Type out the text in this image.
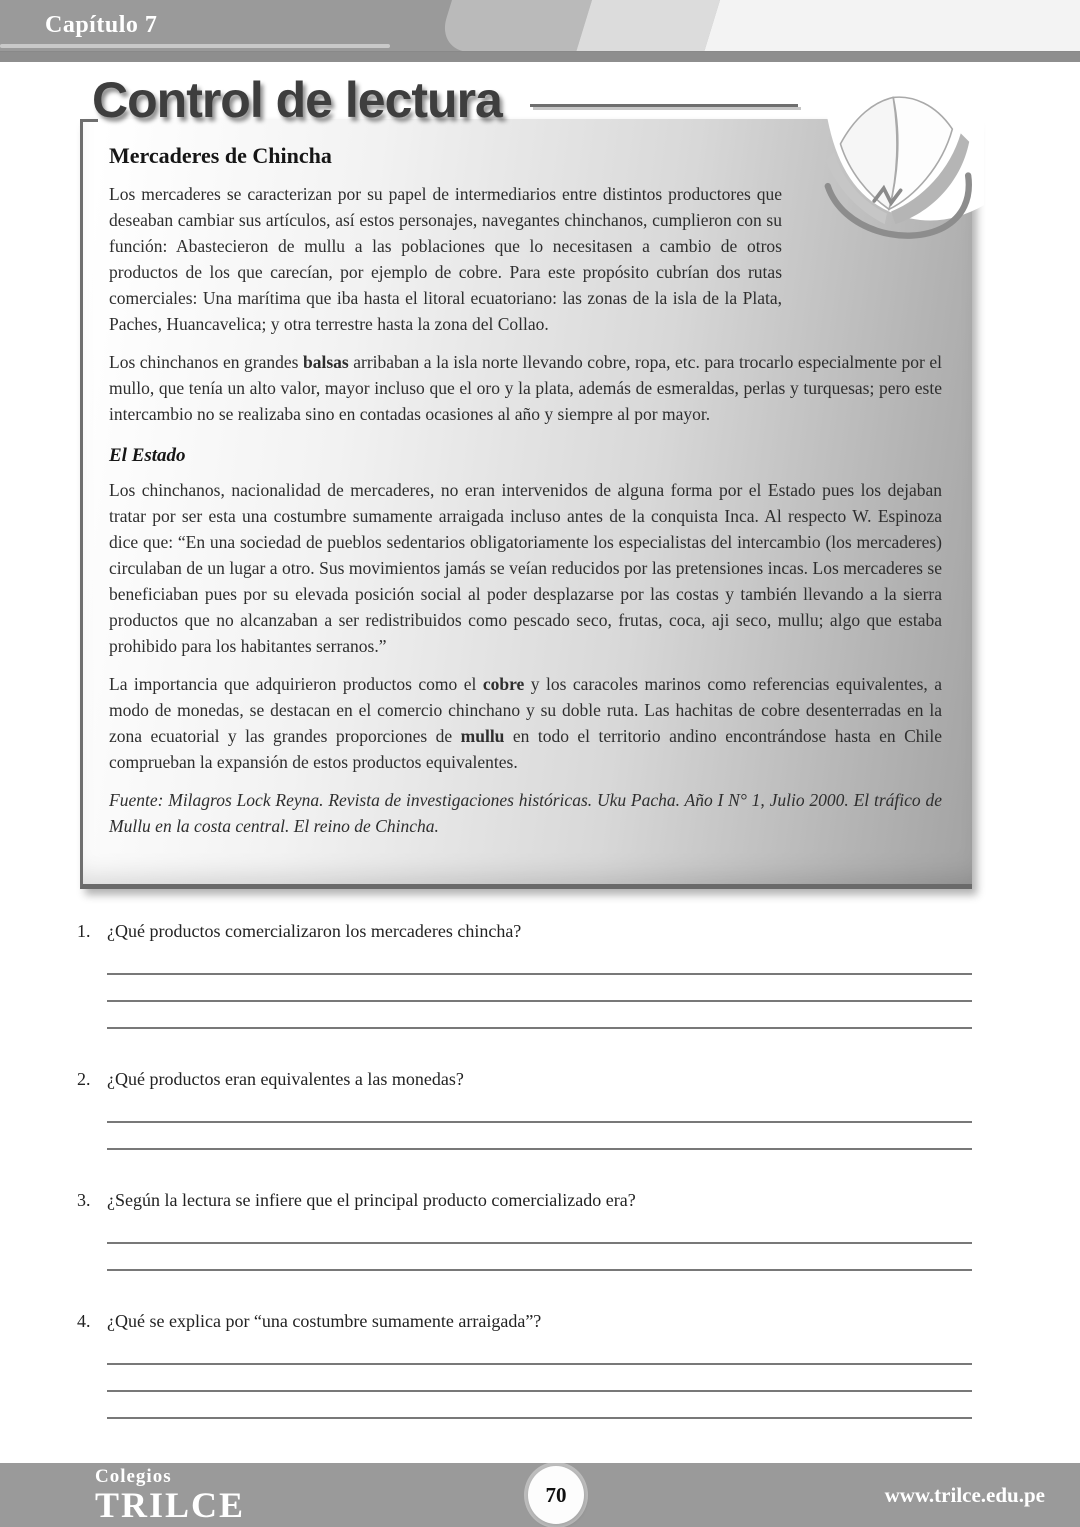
Capítulo 7
Control de lectura
Mercaderes de Chincha

Los mercaderes se caracterizan por su papel de intermediarios entre distintos productores que deseaban cambiar sus artículos, así estos personajes, navegantes chinchanos, cumplieron con su función: Abastecieron de mullu a las poblaciones que lo necesitasen a cambio de otros productos de los que carecían, por ejemplo de cobre. Para este propósito cubrían dos rutas comerciales: Una marítima que iba hasta el litoral ecuatoriano: las zonas de la isla de la Plata, Paches, Huancavelica; y otra terrestre hasta la zona del Collao.

Los chinchanos en grandes balsas arribaban a la isla norte llevando cobre, ropa, etc. para trocarlo especialmente por el mullo, que tenía un alto valor, mayor incluso que el oro y la plata, además de esmeraldas, perlas y turquesas; pero este intercambio no se realizaba sino en contadas ocasiones al año y siempre al por mayor.

El Estado

Los chinchanos, nacionalidad de mercaderes, no eran intervenidos de alguna forma por el Estado pues los dejaban tratar por ser esta una costumbre sumamente arraigada incluso antes de la conquista Inca. Al respecto W. Espinoza dice que: “En una sociedad de pueblos sedentarios obligatoriamente los especialistas del intercambio (los mercaderes) circulaban de un lugar a otro. Sus movimientos jamás se veían reducidos por las pretensiones incas. Los mercaderes se beneficiaban pues por su elevada posición social al poder desplazarse por las costas y también llevando a la sierra productos que no alcanzaban a ser redistribuidos como pescado seco, frutas, coca, aji seco, mullu; algo que estaba prohibido para los habitantes serranos.”

La importancia que adquirieron productos como el cobre y los caracoles marinos como referencias equivalentes, a modo de monedas, se destacan en el comercio chinchano y su doble ruta. Las hachitas de cobre desenterradas en la zona ecuatorial y las grandes proporciones de mullu en todo el territorio andino encontrándose hasta en Chile comprueban la expansión de estos productos equivalentes.

Fuente: Milagros Lock Reyna. Revista de investigaciones históricas. Uku Pacha. Año I N° 1, Julio 2000. El tráfico de Mullu en la costa central. El reino de Chincha.

1. ¿Qué productos comercializaron los mercaderes chincha?
2. ¿Qué productos eran equivalentes a las monedas?
3. ¿Según la lectura se infiere que el principal producto comercializado era?
4. ¿Qué se explica por “una costumbre sumamente arraigada”?
Colegios
TRILCE	70	www.trilce.edu.pe
